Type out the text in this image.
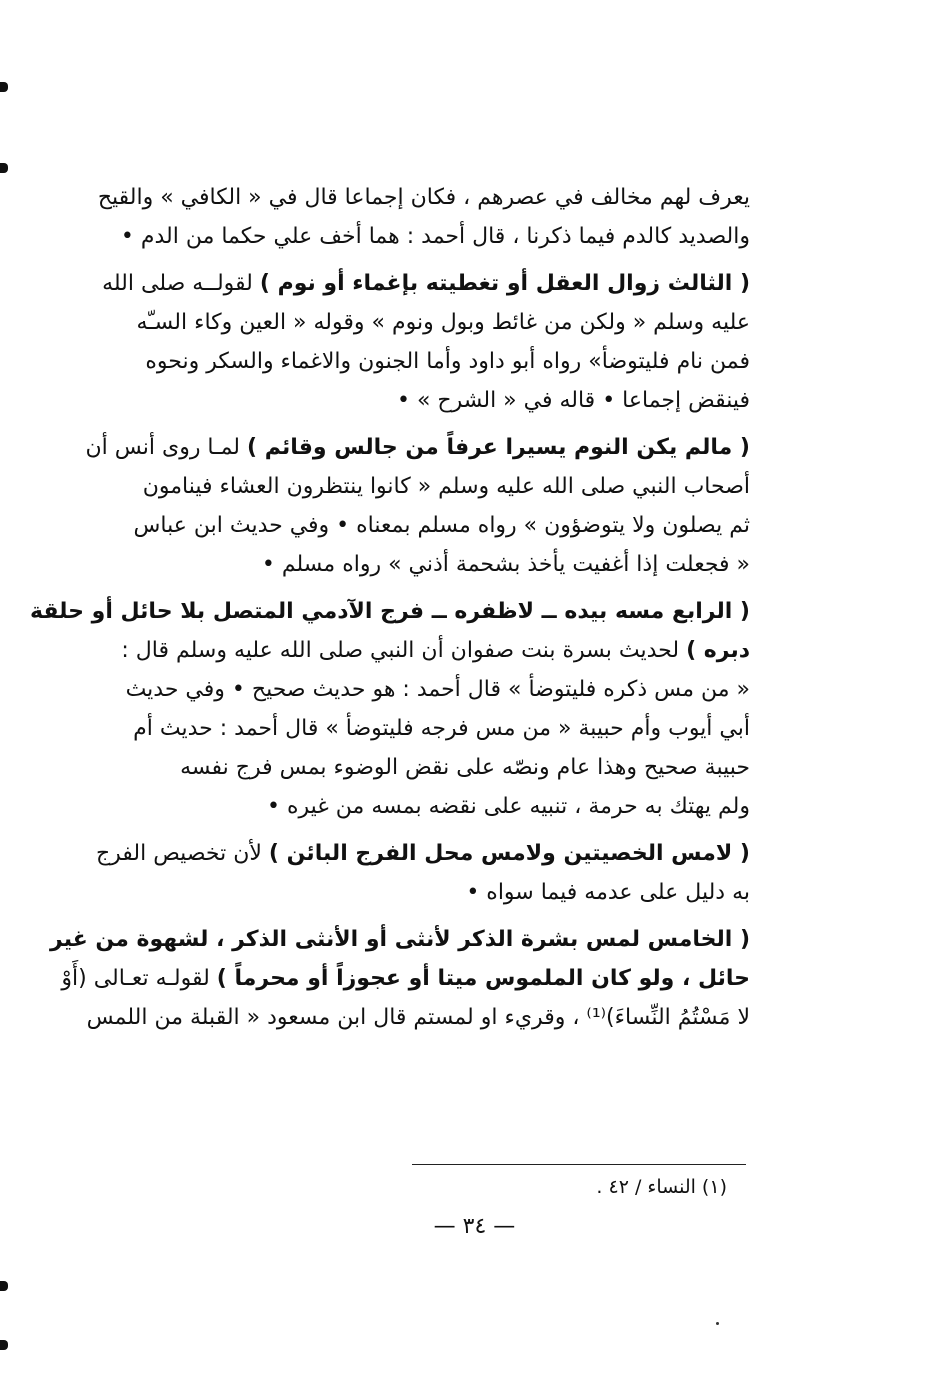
يعرف لهم مخالف في عصرهم ، فكان إجماعا قال في « الكافي » والقيح
والصديد كالدم فيما ذكرنا ، قال أحمد : هما أخف علي حكما من الدم •
( الثالث زوال العقل أو تغطيته بإغماء أو نوم ) لقولــه صلى الله
عليه وسلم « ولكن من غائط وبول ونوم » وقوله « العين وكاء السـّه
فمن نام فليتوضأ» رواه أبو داود وأما الجنون والاغماء والسكر ونحوه
فينقض إجماعا • قاله في « الشرح » •
( مالم يكن النوم يسيرا عرفاً من جالس وقائم ) لمـا روى أنس أن
أصحاب النبي صلى الله عليه وسلم « كانوا ينتظرون العشاء فينامون
ثم يصلون ولا يتوضؤون » رواه مسلم بمعناه • وفي حديث ابن عباس
« فجعلت إذا أغفيت يأخذ بشحمة أذني » رواه مسلم •
( الرابع مسه بيده ــ لاظفره ــ فرج الآدمي المتصل بلا حائل أو حلقة
دبره ) لحديث بسرة بنت صفوان أن النبي صلى الله عليه وسلم قال :
« من مس ذكره فليتوضأ » قال أحمد : هو حديث صحيح • وفي حديث
أبي أيوب وأم حبيبة « من مس فرجه فليتوضأ » قال أحمد : حديث أم
حبيبة صحيح وهذا عام ونصّه على نقض الوضوء بمس فرج نفسه
ولم يهتك به حرمة ، تنبيه على نقضه بمسه من غيره •
( لامس الخصيتين ولامس محل الفرج البائن ) لأن تخصيص الفرج
به دليل على عدمه فيما سواه •
( الخامس لمس بشرة الذكر لأنثى أو الأنثى الذكر ، لشهوة من غير
حائل ، ولو كان الملموس ميتا أو عجوزاً أو محرماً ) لقولـه تعـالى (أَوْ
لا مَسْتُمُ النِّساءَ)⁽¹⁾ ، وقريء او لمستم قال ابن مسعود « القبلة من اللمس
(١) النساء / ٤٢ .
— ٣٤ —
